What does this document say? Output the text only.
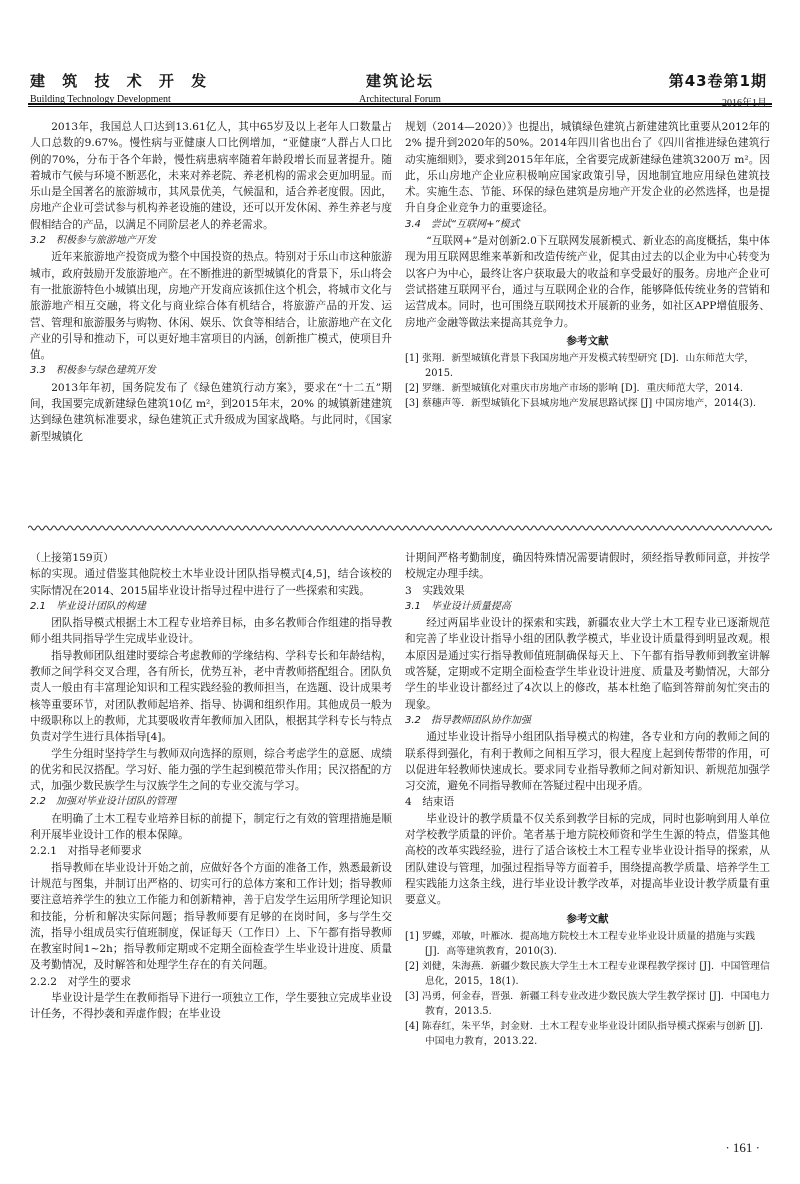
建 筑 技 术 开 发
Building Technology Development
建筑论坛
Architectural Forum
第43卷第1期
2016年1月

2013年，我国总人口达到13.61亿人，其中65岁及以上老年人口数量占人口总数的9.67%。慢性病与亚健康人口比例增加，“亚健康”人群占人口比例的70%，分布于各个年龄，慢性病患病率随着年龄段增长而显著提升。随着城市气候与环境不断恶化，未来对养老院、养老机构的需求会更加明显。而乐山是全国著名的旅游城市，其风景优美，气候温和，适合养老度假。因此，房地产企业可尝试参与机构养老设施的建设，还可以开发休闲、养生养老与度假相结合的产品，以满足不同阶层老人的养老需求。

3.2　积极参与旅游地产开发

近年来旅游地产投资成为整个中国投资的热点。特别对于乐山市这种旅游城市，政府鼓励开发旅游地产。在不断推进的新型城镇化的背景下，乐山将会有一批旅游特色小城镇出现，房地产开发商应该抓住这个机会，将城市文化与旅游地产相互交融，将文化与商业综合体有机结合，将旅游产品的开发、运营、管理和旅游服务与购物、休闲、娱乐、饮食等相结合，让旅游地产在文化产业的引导和推动下，可以更好地丰富项目的内涵，创新推广模式，使项目升值。

3.3　积极参与绿色建筑开发

2013年年初，国务院发布了《绿色建筑行动方案》，要求在“十二五”期间，我国要完成新建绿色建筑10亿 m²，到2015年末，20% 的城镇新建建筑达到绿色建筑标准要求，绿色建筑正式升级成为国家战略。与此同时，《国家新型城镇化

规划（2014—2020）》也提出，城镇绿色建筑占新建建筑比重要从2012年的2% 提升到2020年的50%。2014年四川省也出台了《四川省推进绿色建筑行动实施细则》，要求到2015年年底，全省要完成新建绿色建筑3200万 m²。因此，乐山房地产企业应积极响应国家政策引导，因地制宜地应用绿色建筑技术。实施生态、节能、环保的绿色建筑是房地产开发企业的必然选择，也是提升自身企业竞争力的重要途径。

3.4　尝试“互联网+”模式

“互联网+”是对创新2.0下互联网发展新模式、新业态的高度概括，集中体现为用互联网思维来革新和改造传统产业，促其由过去的以企业为中心转变为以客户为中心，最终让客户获取最大的收益和享受最好的服务。房地产企业可尝试搭建互联网平台，通过与互联网企业的合作，能够降低传统业务的营销和运营成本。同时，也可围绕互联网技术开展新的业务，如社区APP增值服务、房地产金融等做法来提高其竞争力。

参考文献
[1] 张翔．新型城镇化背景下我国房地产开发模式转型研究 [D]．山东师范大学，2015.
[2] 罗继．新型城镇化对重庆市房地产市场的影响 [D]．重庆师范大学，2014.
[3] 蔡穗声等．新型城镇化下县城房地产发展思路试探 [J] 中国房地产，2014(3).

（上接第159页）

标的实现。通过借鉴其他院校土木毕业设计团队指导模式[4,5]，结合该校的实际情况在2014、2015届毕业设计指导过程中进行了一些探索和实践。

2.1　毕业设计团队的构建

团队指导模式根据土木工程专业培养目标，由多名教师合作组建的指导教师小组共同指导学生完成毕业设计。

指导教师团队组建时要综合考虑教师的学缘结构、学科专长和年龄结构，教师之间学科交叉合理，各有所长，优势互补，老中青教师搭配组合。团队负责人一般由有丰富理论知识和工程实践经验的教师担当，在选题、设计成果考核等重要环节，对团队教师起培养、指导、协调和组织作用。其他成员一般为中级职称以上的教师，尤其要吸收青年教师加入团队，根据其学科专长与特点负责对学生进行具体指导[4]。

学生分组时坚持学生与教师双向选择的原则，综合考虑学生的意愿、成绩的优劣和民汉搭配。学习好、能力强的学生起到模范带头作用；民汉搭配的方式，加强少数民族学生与汉族学生之间的专业交流与学习。

2.2　加强对毕业设计团队的管理

在明确了土木工程专业培养目标的前提下，制定行之有效的管理措施是顺利开展毕业设计工作的根本保障。

2.2.1　对指导老师要求

指导教师在毕业设计开始之前，应做好各个方面的准备工作，熟悉最新设计规范与图集，并制订出严格的、切实可行的总体方案和工作计划；指导教师要注意培养学生的独立工作能力和创新精神，善于启发学生运用所学理论知识和技能，分析和解决实际问题；指导教师要有足够的在岗时间，多与学生交流，指导小组成员实行值班制度，保证每天（工作日）上、下午都有指导教师在教室时间1~2h；指导教师定期或不定期全面检查学生毕业设计进度、质量及考勤情况，及时解答和处理学生存在的有关问题。

2.2.2　对学生的要求

毕业设计是学生在教师指导下进行一项独立工作，学生要独立完成毕业设计任务，不得抄袭和弄虚作假；在毕业设

计期间严格考勤制度，确因特殊情况需要请假时，须经指导教师同意，并按学校规定办理手续。

3　实践效果

3.1　毕业设计质量提高

经过两届毕业设计的探索和实践，新疆农业大学土木工程专业已逐渐规范和完善了毕业设计指导小组的团队教学模式，毕业设计质量得到明显改观。根本原因是通过实行指导教师值班制确保每天上、下午都有指导教师到教室讲解或答疑，定期或不定期全面检查学生毕业设计进度、质量及考勤情况，大部分学生的毕业设计都经过了4次以上的修改，基本杜绝了临到答辩前匆忙突击的现象。

3.2　指导教师团队协作加强

通过毕业设计指导小组团队指导模式的构建，各专业和方向的教师之间的联系得到强化，有利于教师之间相互学习，很大程度上起到传帮带的作用，可以促进年轻教师快速成长。要求同专业指导教师之间对新知识、新规范加强学习交流，避免不同指导教师在答疑过程中出现矛盾。

4　结束语

毕业设计的教学质量不仅关系到教学目标的完成，同时也影响到用人单位对学校教学质量的评价。笔者基于地方院校师资和学生生源的特点，借鉴其他高校的改革实践经验，进行了适合该校土木工程专业毕业设计指导的探索，从团队建设与管理，加强过程指导等方面着手，围绕提高教学质量、培养学生工程实践能力这条主线，进行毕业设计教学改革，对提高毕业设计教学质量有重要意义。

参考文献
[1] 罗蝶，邓敏，叶雁冰．提高地方院校土木工程专业毕业设计质量的措施与实践 [J]．高等建筑教育，2010(3).
[2] 刘健，朱海燕．新疆少数民族大学生土木工程专业课程教学探讨 [J]．中国管理信息化，2015，18(1).
[3] 冯勇，何金春，晋强．新疆工科专业改进少数民族大学生教学探讨 [J]．中国电力教育，2013.5.
[4] 陈春红，朱平华，封金财．土木工程专业毕业设计团队指导模式探索与创新 [J]．中国电力教育，2013.22.
· 161 ·
